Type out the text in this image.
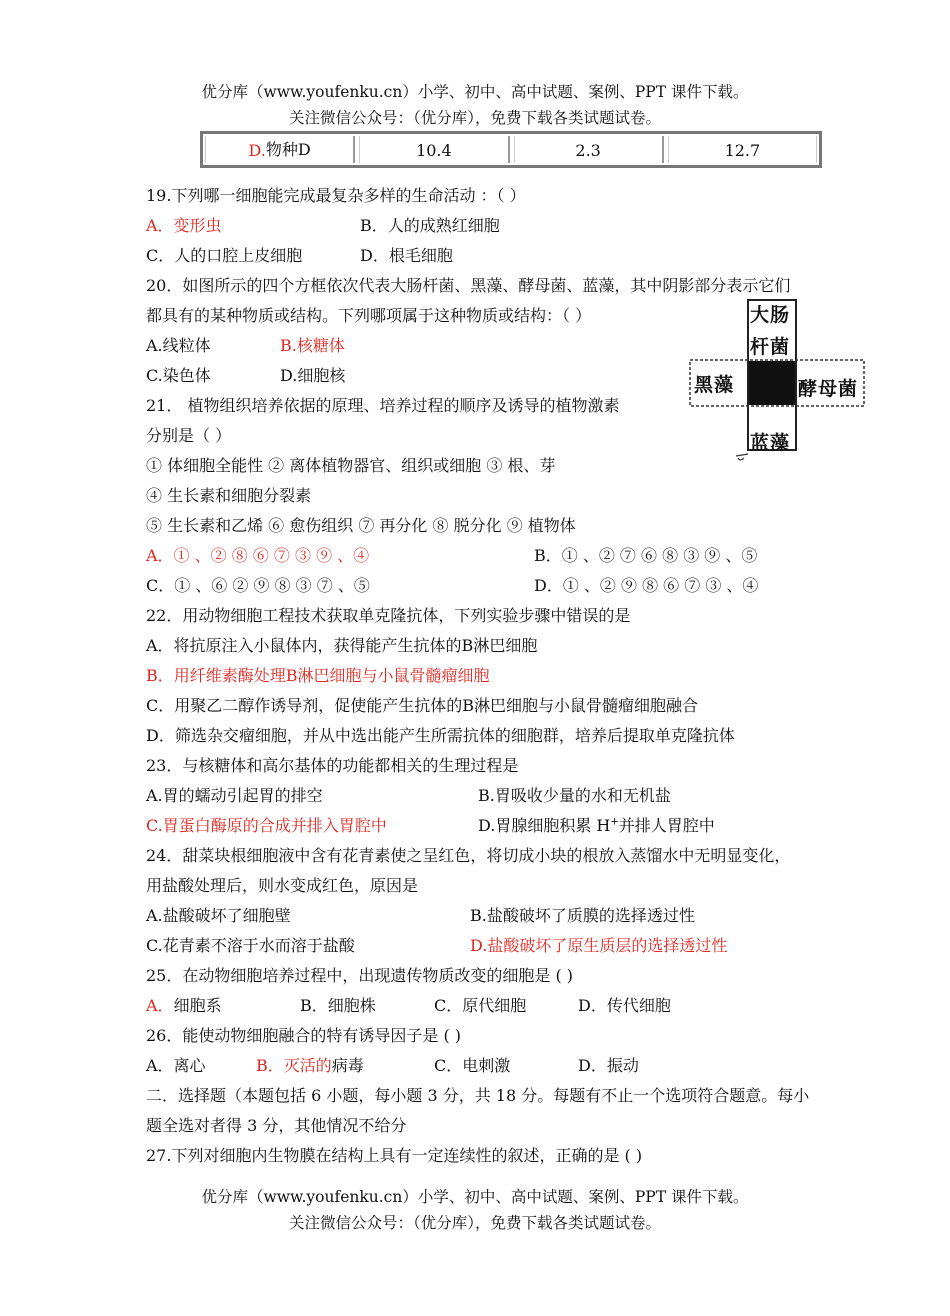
优分库（www.youfenku.cn）小学、初中、高中试题、案例、PPT 课件下载。
关注微信公众号：（优分库），免费下载各类试题试卷。
D. 物种D	10.4	2.3	12.7
19.下列哪一细胞能完成最复杂多样的生命活动 ：（ ）
A．变形虫	B．人的成熟红细胞
C．人的口腔上皮细胞	D．根毛细胞
20．如图所示的四个方框依次代表大肠杆菌、黑藻、酵母菌、蓝藻，其中阴影部分表示它们
都具有的某种物质或结构。下列哪项属于这种物质或结构：（ ）
A.线粒体	B.核糖体
C.染色体	D.细胞核
大肠
杆菌
黑藻	酵母菌
蓝藻
21． 植物组织培养依据的原理、培养过程的顺序及诱导的植物激素
分别是（ ）
① 体细胞全能性 ② 离体植物器官、组织或细胞 ③ 根、芽
④ 生长素和细胞分裂素
⑤ 生长素和乙烯 ⑥ 愈伤组织 ⑦ 再分化 ⑧ 脱分化 ⑨ 植物体
A．① 、② ⑧ ⑥ ⑦ ③ ⑨ 、④	B．① 、② ⑦ ⑥ ⑧ ③ ⑨ 、⑤
C．① 、⑥ ② ⑨ ⑧ ③ ⑦ 、⑤	D．① 、② ⑨ ⑧ ⑥ ⑦ ③ 、④
22．用动物细胞工程技术获取单克隆抗体，下列实验步骤中错误的是
A．将抗原注入小鼠体内，获得能产生抗体的B淋巴细胞
B．用纤维素酶处理B淋巴细胞与小鼠骨髓瘤细胞
C．用聚乙二醇作诱导剂，促使能产生抗体的B淋巴细胞与小鼠骨髓瘤细胞融合
D．筛选杂交瘤细胞，并从中选出能产生所需抗体的细胞群，培养后提取单克隆抗体
23．与核糖体和高尔基体的功能都相关的生理过程是
A.胃的蠕动引起胃的排空	B.胃吸收少量的水和无机盐
C.胃蛋白酶原的合成并排入胃腔中	D.胃腺细胞积累 H+并排人胃腔中
24．甜菜块根细胞液中含有花青素使之呈红色，将切成小块的根放入蒸馏水中无明显变化，
用盐酸处理后，则水变成红色，原因是
A.盐酸破坏了细胞壁	B.盐酸破坏了质膜的选择透过性
C.花青素不溶于水而溶于盐酸	D.盐酸破坏了原生质层的选择透过性
25．在动物细胞培养过程中，出现遗传物质改变的细胞是 ( )
A．细胞系	B．细胞株	C．原代细胞	D．传代细胞
26．能使动物细胞融合的特有诱导因子是 ( )
A．离心	B．灭活的病毒	C．电刺激	D．振动
二．选择题（本题包括 6 小题，每小题 3 分，共 18 分。每题有不止一个选项符合题意。每小
题全选对者得 3 分，其他情况不给分
27.下列对细胞内生物膜在结构上具有一定连续性的叙述，正确的是 ( )
优分库（www.youfenku.cn）小学、初中、高中试题、案例、PPT 课件下载。
关注微信公众号：（优分库），免费下载各类试题试卷。
